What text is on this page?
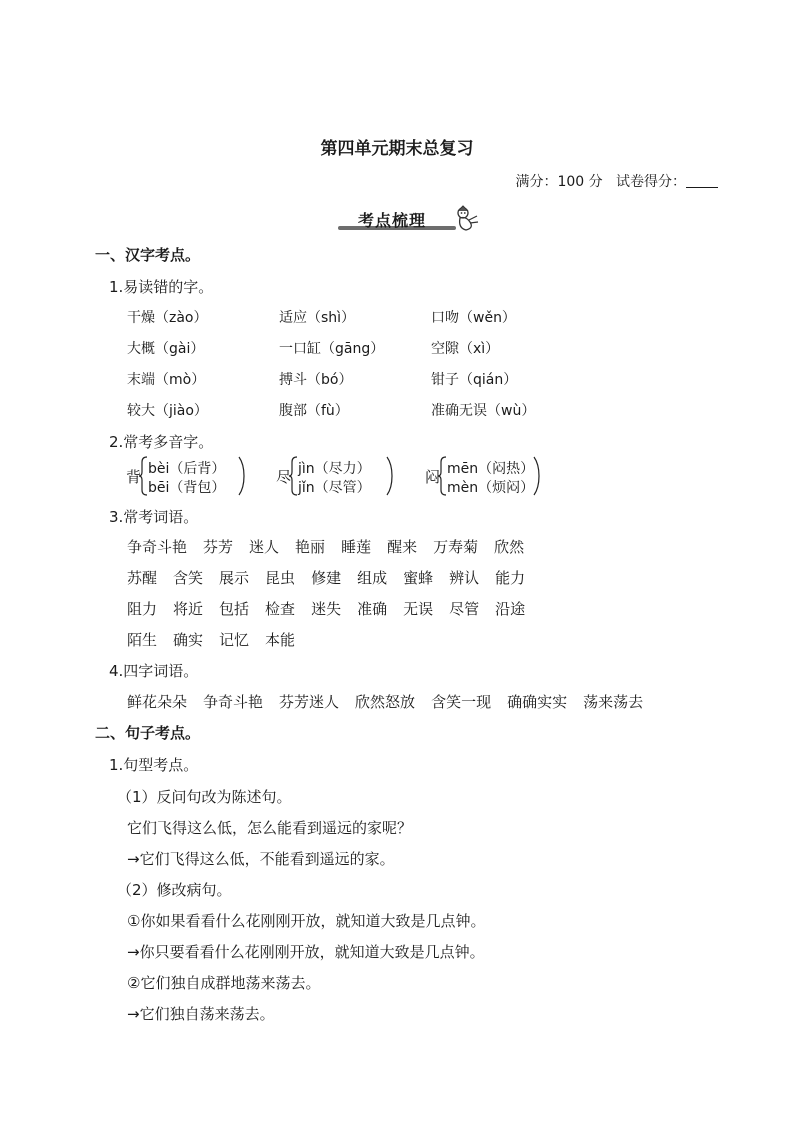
第四单元期末总复习
满分：100 分 试卷得分：
考点梳理
一、汉字考点。
1.易读错的字。
干燥（zào）	适应（shì）	口吻（wěn）
大概（gài）	一口缸（gāng）	空隙（xì）
末端（mò）	搏斗（bó）	钳子（qián）
较大（jiào）	腹部（fù）	准确无误（wù）
2.常考多音字。
背 bèi（后背）
bēi（背包）
尽 jìn（尽力）
jǐn（尽管）
闷 mēn（闷热）
mèn（烦闷）
3.常考词语。
争奇斗艳 芬芳 迷人 艳丽 睡莲 醒来 万寿菊 欣然
苏醒 含笑 展示 昆虫 修建 组成 蜜蜂 辨认 能力
阻力 将近 包括 检查 迷失 准确 无误 尽管 沿途
陌生 确实 记忆 本能
4.四字词语。
鲜花朵朵 争奇斗艳 芬芳迷人 欣然怒放 含笑一现 确确实实 荡来荡去
二、句子考点。
1.句型考点。
（1）反问句改为陈述句。
它们飞得这么低，怎么能看到遥远的家呢？
→它们飞得这么低，不能看到遥远的家。
（2）修改病句。
①你如果看看什么花刚刚开放，就知道大致是几点钟。
→你只要看看什么花刚刚开放，就知道大致是几点钟。
②它们独自成群地荡来荡去。
→它们独自荡来荡去。
